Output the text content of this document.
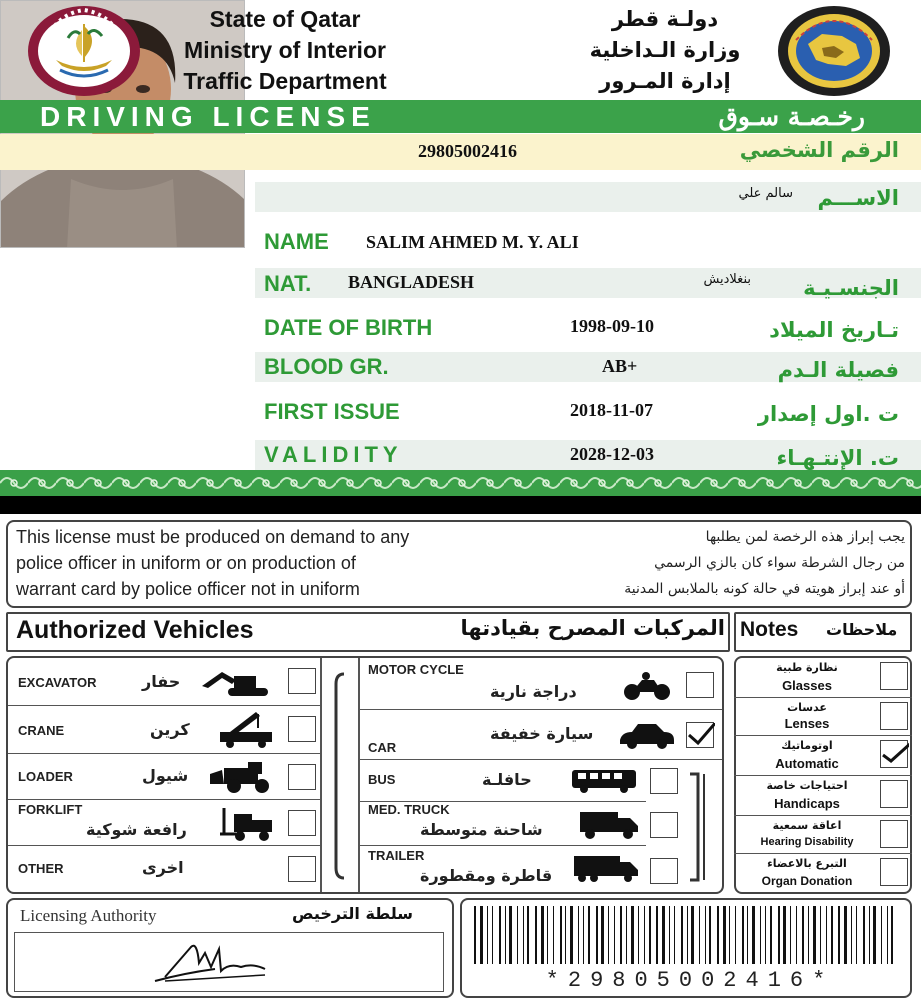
State of Qatar
Ministry of Interior
Traffic Department
دولـة قطر
وزارة الـداخلية
إدارة المـرور
DRIVING LICENSE	رخـصـة سـوق
29805002416	الرقم الشخصي
الاســـم
سالم علي
NAME SALIM AHMED M. Y. ALI
NAT. BANGLADESH	بنغلاديش الجنسـيـة
DATE OF BIRTH	1998-09-10	تـاريخ الميلاد
BLOOD GR.	AB+	فصيلة الـدم
FIRST ISSUE	2018-11-07	ت .اول إصدار
VALIDITY	2028-12-03	ت. الإنتـهـاء
This license must be produced on demand to any
police officer in uniform or on production of
warrant card by police officer not in uniform
يجب إبراز هذه الرخصة لمن يطلبها
من رجال الشرطة سواء كان بالزي الرسمي
أو عند إبراز هويته في حالة كونه بالملابس المدنية
Authorized Vehicles	المركبات المصرح بقيادتها Notes ملاحظات
EXCAVATOR	حفار
CRANE	كرين
LOADER	شيول
FORKLIFT
رافعة شوكية
OTHER	اخرى
MOTOR CYCLE
دراجة نارية
CAR
سيارة خفيفة
BUS	حافلـة
MED. TRUCK
شاحنة متوسطة
TRAILER
قاطرة ومقطورة
نظارة طبية
Glasses
عدسات
Lenses
اوتوماتيك
Automatic
احتياجات خاصة
Handicaps
اعاقة سمعية
Hearing Disability
التبرع بالاعضاء
Organ Donation
Licensing Authority	سلطة الترخيص
*29805002416*
